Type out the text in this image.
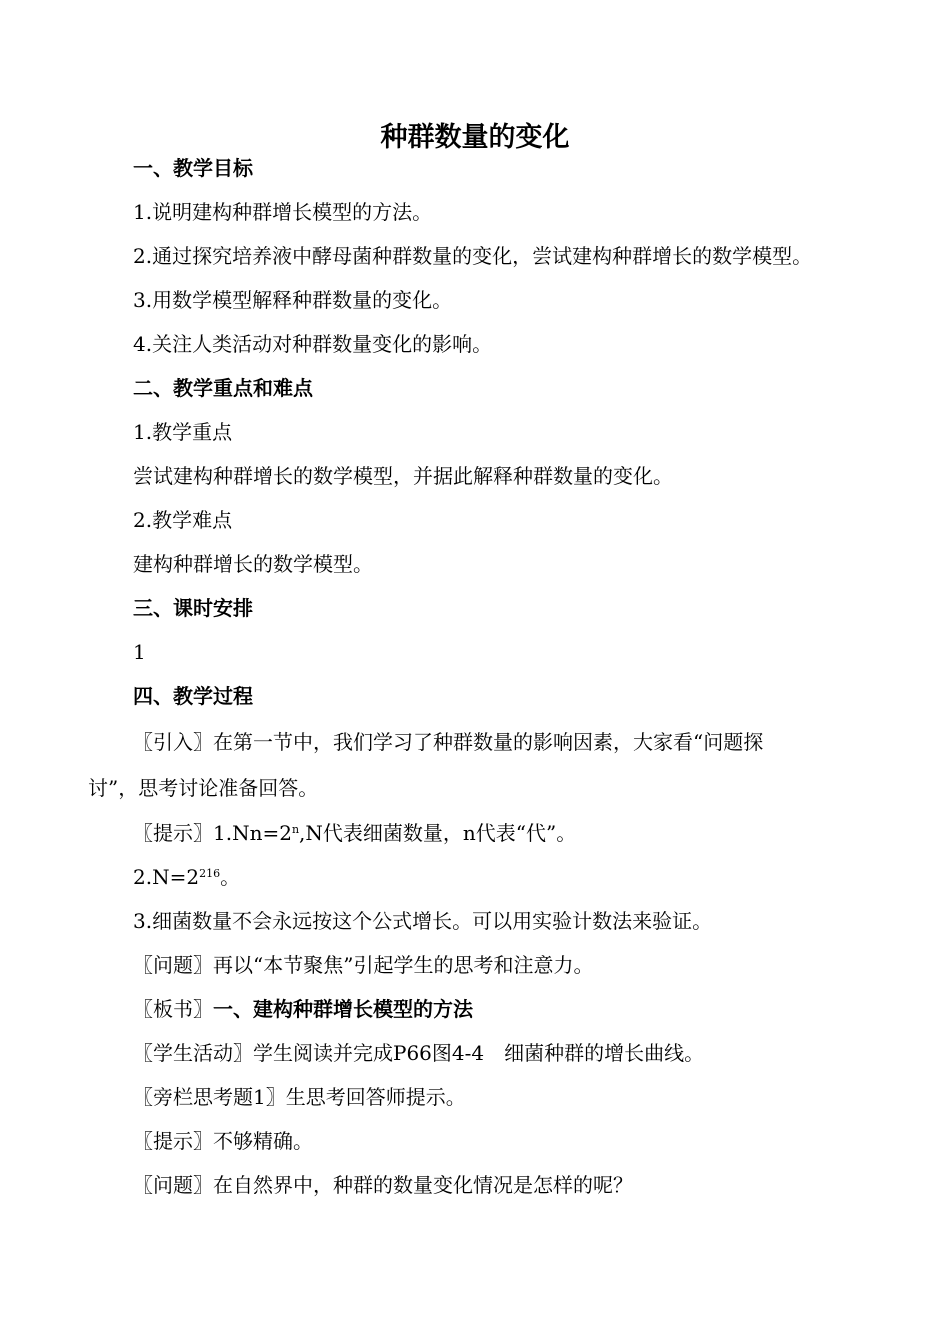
种群数量的变化
一、教学目标
1.说明建构种群增长模型的方法。
2.通过探究培养液中酵母菌种群数量的变化，尝试建构种群增长的数学模型。
3.用数学模型解释种群数量的变化。
4.关注人类活动对种群数量变化的影响。
二、教学重点和难点
1.教学重点
尝试建构种群增长的数学模型，并据此解释种群数量的变化。
2.教学难点
建构种群增长的数学模型。
三、课时安排
1
四、教学过程
〖引入〗在第一节中，我们学习了种群数量的影响因素，大家看“问题探
讨”，思考讨论准备回答。
〖提示〗$1.Nn=2^n,N$代表细菌数量，n代表“代”。
$2.N=2^{216}$。
3.细菌数量不会永远按这个公式增长。可以用实验计数法来验证。
〖问题〗再以“本节聚焦”引起学生的思考和注意力。
〖板书〗一、建构种群增长模型的方法
〖学生活动〗学生阅读并完成P66图4-4　细菌种群的增长曲线。
〖旁栏思考题1〗生思考回答师提示。
〖提示〗不够精确。
〖问题〗在自然界中，种群的数量变化情况是怎样的呢？
